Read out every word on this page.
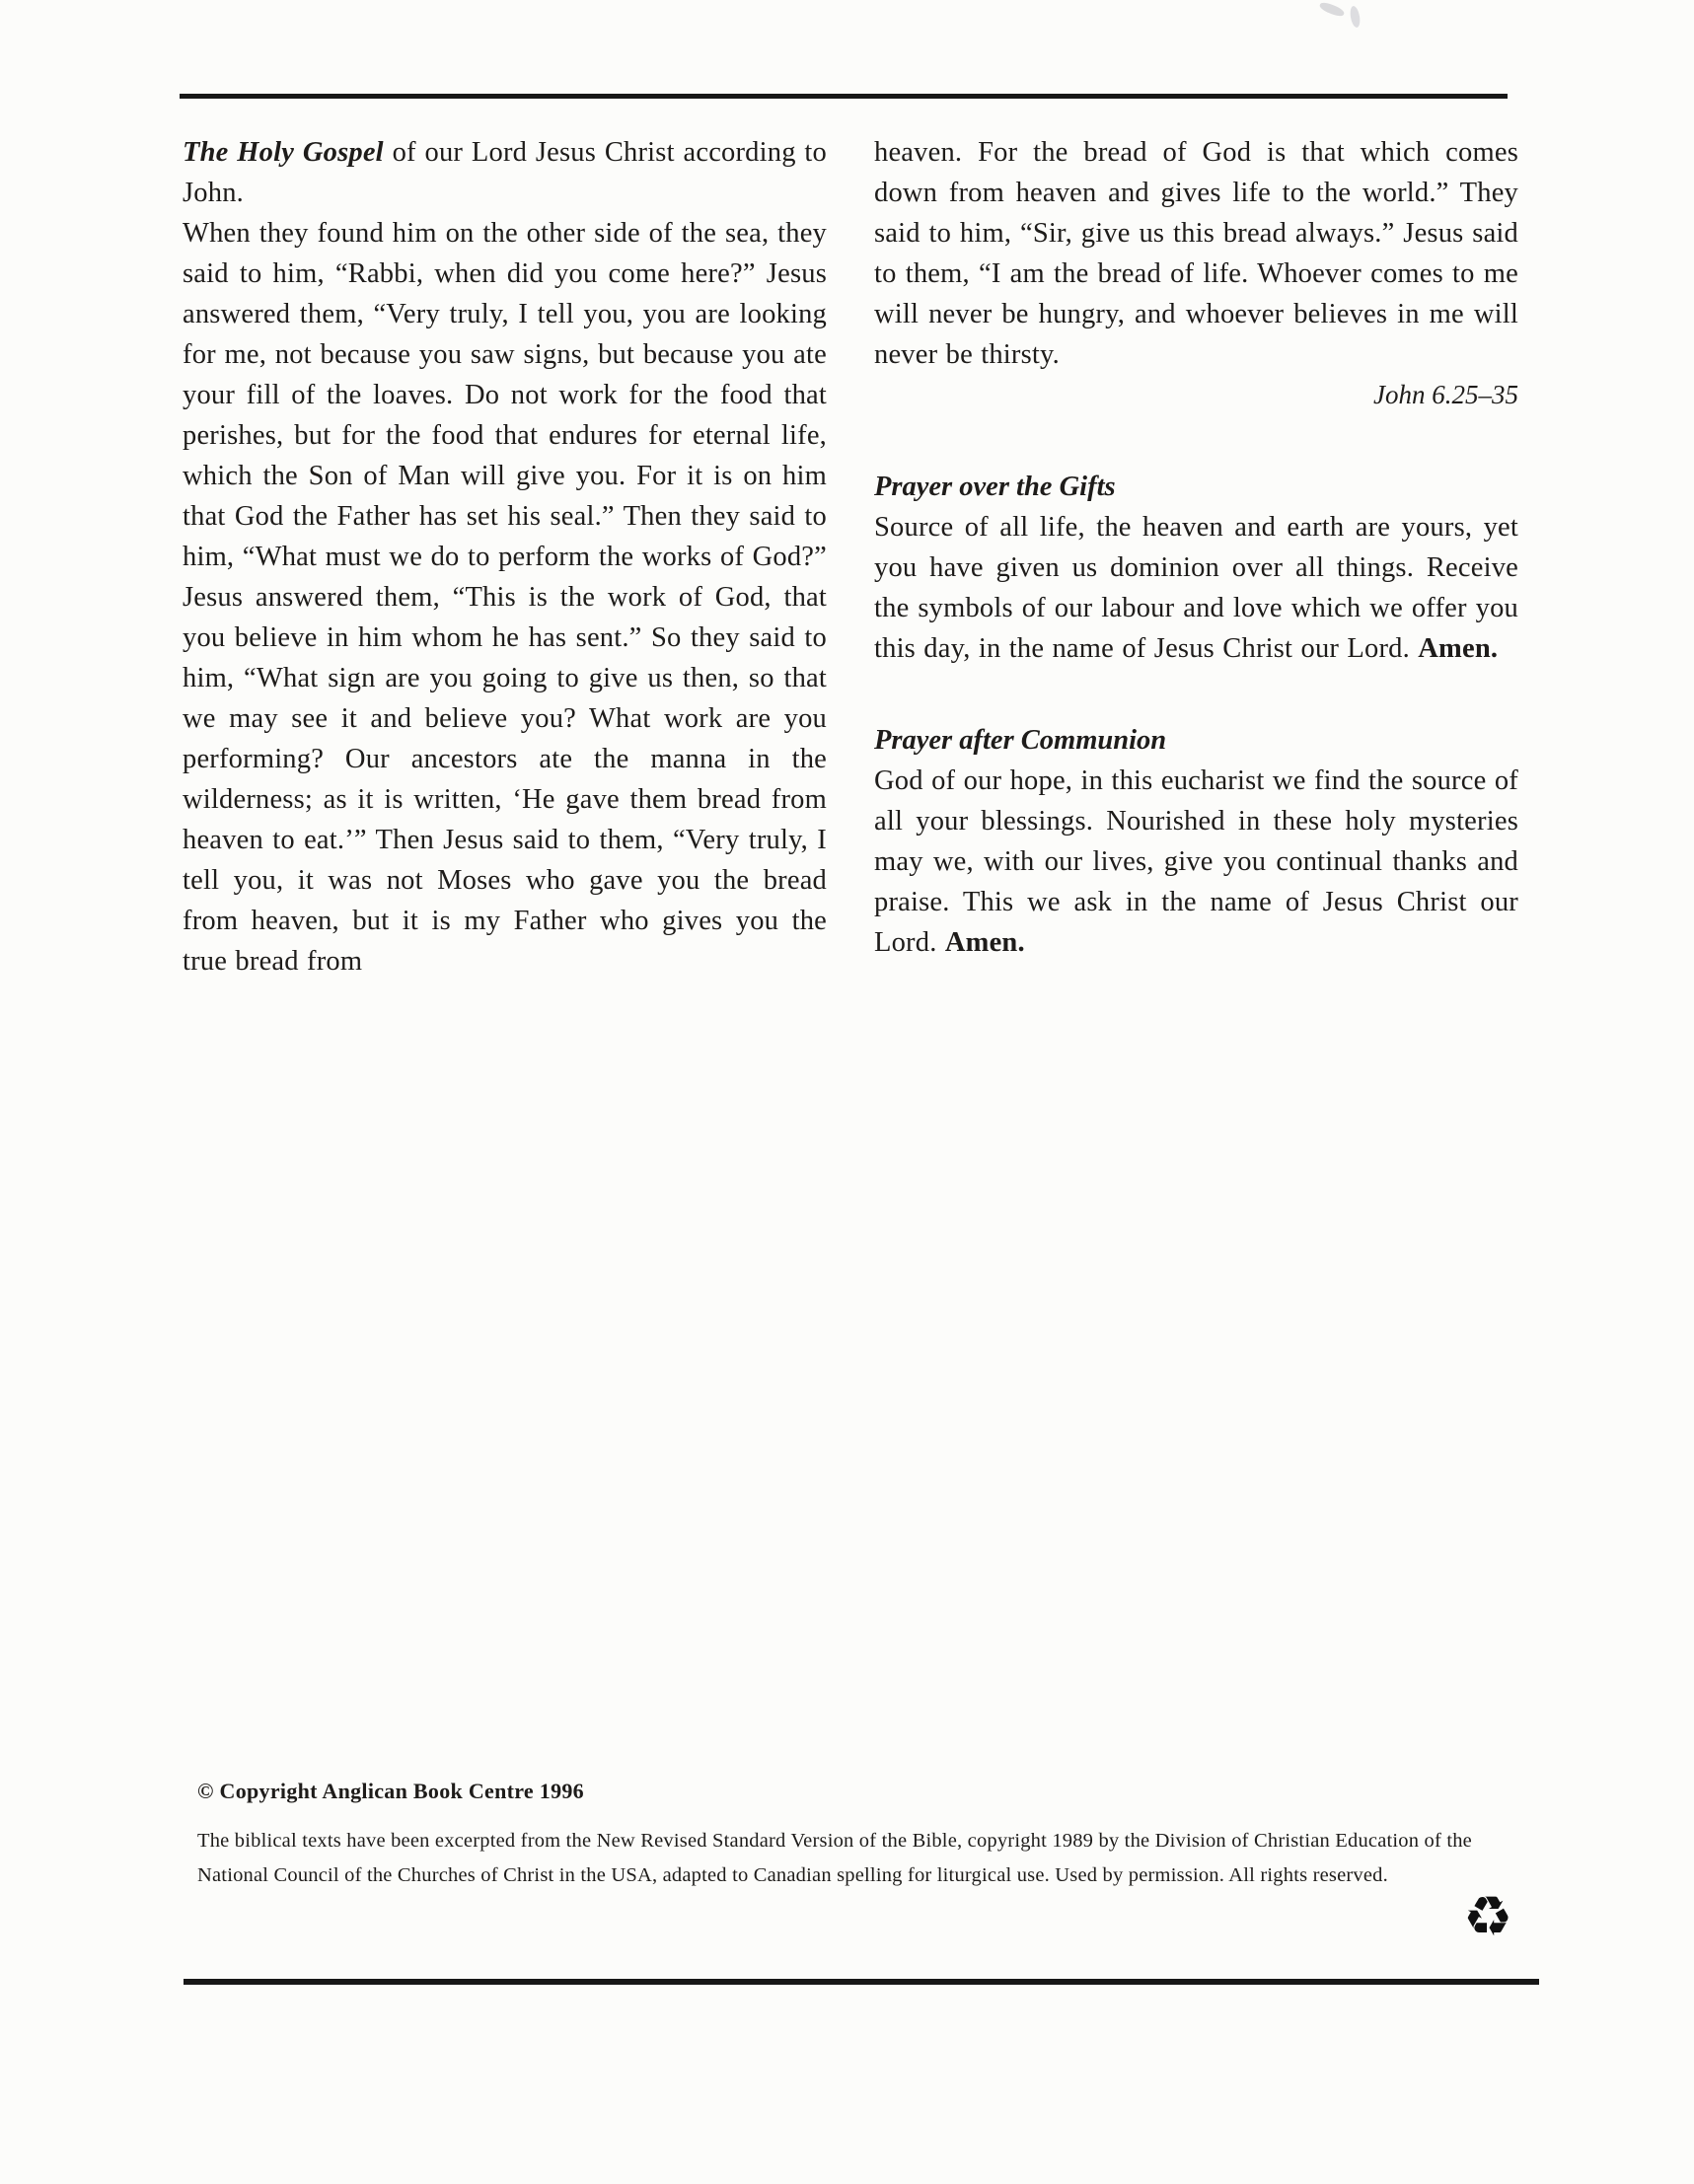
The Holy Gospel of our Lord Jesus Christ according to John.

When they found him on the other side of the sea, they said to him, “Rabbi, when did you come here?” Jesus answered them, “Very truly, I tell you, you are looking for me, not because you saw signs, but because you ate your fill of the loaves. Do not work for the food that perishes, but for the food that endures for eternal life, which the Son of Man will give you. For it is on him that God the Father has set his seal.” Then they said to him, “What must we do to perform the works of God?” Jesus answered them, “This is the work of God, that you believe in him whom he has sent.” So they said to him, “What sign are you going to give us then, so that we may see it and believe you? What work are you performing? Our ancestors ate the manna in the wilderness; as it is written, ‘He gave them bread from heaven to eat.’” Then Jesus said to them, “Very truly, I tell you, it was not Moses who gave you the bread from heaven, but it is my Father who gives you the true bread from

heaven. For the bread of God is that which comes down from heaven and gives life to the world.” They said to him, “Sir, give us this bread always.” Jesus said to them, “I am the bread of life. Whoever comes to me will never be hungry, and whoever believes in me will never be thirsty.

John 6.25–35

Prayer over the Gifts

Source of all life, the heaven and earth are yours, yet you have given us dominion over all things. Receive the symbols of our labour and love which we offer you this day, in the name of Jesus Christ our Lord. Amen.

Prayer after Communion

God of our hope, in this eucharist we find the source of all your blessings. Nourished in these holy mysteries may we, with our lives, give you continual thanks and praise. This we ask in the name of Jesus Christ our Lord. Amen.

© Copyright Anglican Book Centre 1996

The biblical texts have been excerpted from the New Revised Standard Version of the Bible, copyright 1989 by the Division of Christian Education of the National Council of the Churches of Christ in the USA, adapted to Canadian spelling for liturgical use. Used by permission. All rights reserved.

♻
